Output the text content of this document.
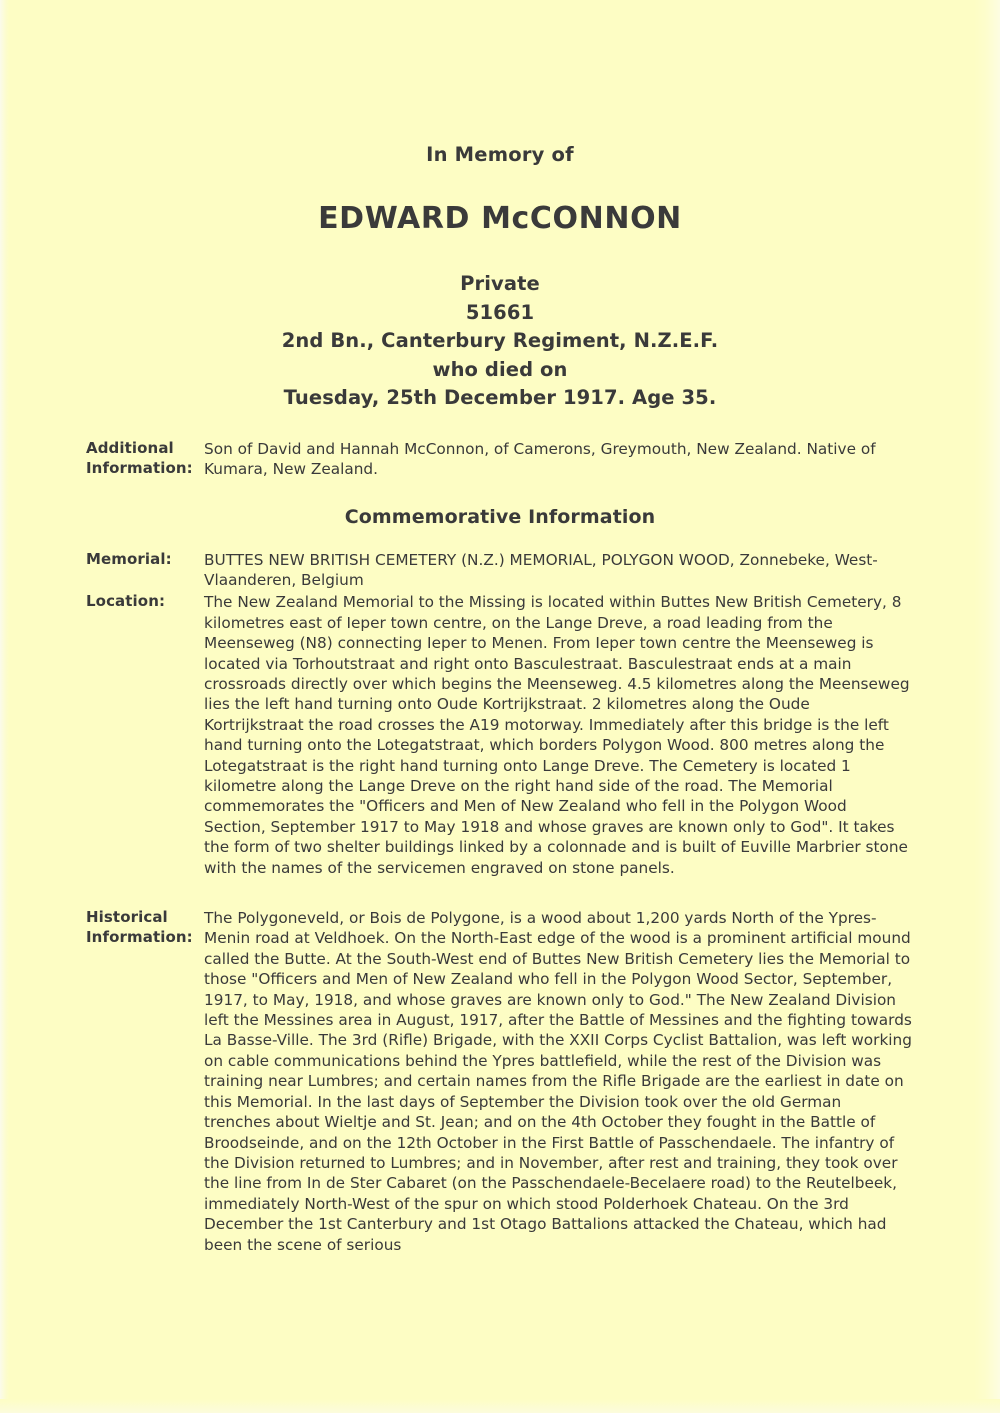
In Memory of
EDWARD McCONNON
Private
51661
2nd Bn., Canterbury Regiment, N.Z.E.F.
who died on
Tuesday, 25th December 1917. Age 35.
Additional
Information:

Son of David and Hannah McConnon, of Camerons, Greymouth, New Zealand. Native of Kumara, New Zealand.

Commemorative Information
Memorial:	BUTTES NEW BRITISH CEMETERY (N.Z.) MEMORIAL, POLYGON WOOD, Zonnebeke, West-Vlaanderen, Belgium

Location:	The New Zealand Memorial to the Missing is located within Buttes New British Cemetery, 8 kilometres east of Ieper town centre, on the Lange Dreve, a road leading from the Meenseweg (N8) connecting Ieper to Menen. From Ieper town centre the Meenseweg is located via Torhoutstraat and right onto Basculestraat. Basculestraat ends at a main crossroads directly over which begins the Meenseweg. 4.5 kilometres along the Meenseweg lies the left hand turning onto Oude Kortrijkstraat. 2 kilometres along the Oude Kortrijkstraat the road crosses the A19 motorway. Immediately after this bridge is the left hand turning onto the Lotegatstraat, which borders Polygon Wood. 800 metres along the Lotegatstraat is the right hand turning onto Lange Dreve. The Cemetery is located 1 kilometre along the Lange Dreve on the right hand side of the road. The Memorial commemorates the "Officers and Men of New Zealand who fell in the Polygon Wood Section, September 1917 to May 1918 and whose graves are known only to God". It takes the form of two shelter buildings linked by a colonnade and is built of Euville Marbrier stone with the names of the servicemen engraved on stone panels.

Historical
Information:

The Polygoneveld, or Bois de Polygone, is a wood about 1,200 yards North of the Ypres-Menin road at Veldhoek. On the North-East edge of the wood is a prominent artificial mound called the Butte. At the South-West end of Buttes New British Cemetery lies the Memorial to those "Officers and Men of New Zealand who fell in the Polygon Wood Sector, September, 1917, to May, 1918, and whose graves are known only to God." The New Zealand Division left the Messines area in August, 1917, after the Battle of Messines and the fighting towards La Basse-Ville. The 3rd (Rifle) Brigade, with the XXII Corps Cyclist Battalion, was left working on cable communications behind the Ypres battlefield, while the rest of the Division was training near Lumbres; and certain names from the Rifle Brigade are the earliest in date on this Memorial. In the last days of September the Division took over the old German trenches about Wieltje and St. Jean; and on the 4th October they fought in the Battle of Broodseinde, and on the 12th October in the First Battle of Passchendaele. The infantry of the Division returned to Lumbres; and in November, after rest and training, they took over the line from In de Ster Cabaret (on the Passchendaele-Becelaere road) to the Reutelbeek, immediately North-West of the spur on which stood Polderhoek Chateau. On the 3rd December the 1st Canterbury and 1st Otago Battalions attacked the Chateau, which had been the scene of serious
